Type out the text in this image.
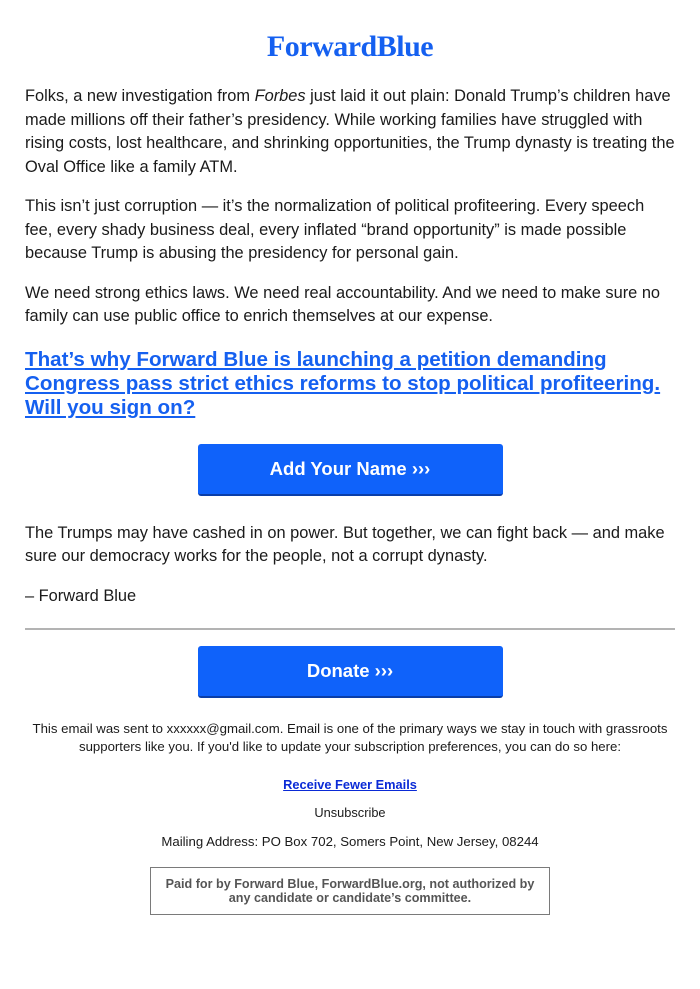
ForwardBlue

Folks, a new investigation from Forbes just laid it out plain: Donald Trump’s children have made millions off their father’s presidency. While working families have struggled with rising costs, lost healthcare, and shrinking opportunities, the Trump dynasty is treating the Oval Office like a family ATM.

This isn’t just corruption — it’s the normalization of political profiteering. Every speech fee, every shady business deal, every inflated “brand opportunity” is made possible because Trump is abusing the presidency for personal gain.

We need strong ethics laws. We need real accountability. And we need to make sure no family can use public office to enrich themselves at our expense.

That’s why Forward Blue is launching a petition demanding Congress pass strict ethics reforms to stop political profiteering. Will you sign on?
Add Your Name ›››

The Trumps may have cashed in on power. But together, we can fight back — and make sure our democracy works for the people, not a corrupt dynasty.

– Forward Blue

Donate ›››

This email was sent to xxxxxx@gmail.com. Email is one of the primary ways we stay in touch with grassroots supporters like you. If you'd like to update your subscription preferences, you can do so here:

Receive Fewer Emails
Unsubscribe
Mailing Address: PO Box 702, Somers Point, New Jersey, 08244
Paid for by Forward Blue, ForwardBlue.org, not authorized by any candidate or candidate’s committee.
